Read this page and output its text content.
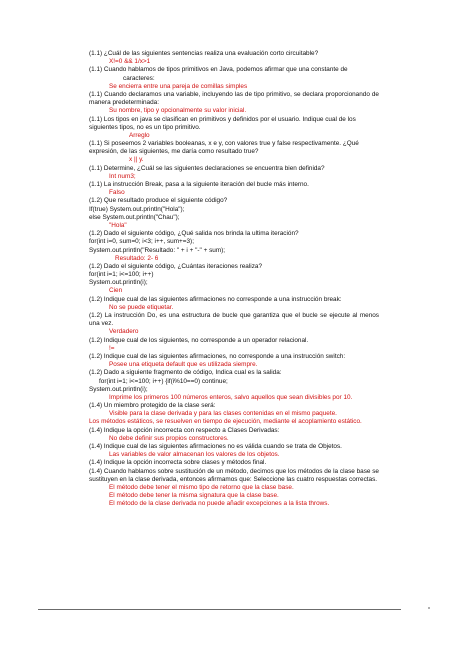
(1.1) ¿Cuál de las siguientes sentencias realiza una evaluación corto circuitable?
X!=0 && 1/x>1
(1.1) Cuando hablamos de tipos primitivos en Java, podemos afirmar que una constante de
caracteres:
Se encierra entre una pareja de comillas simples
(1.1) Cuando declaramos una variable, incluyendo las de tipo primitivo, se declara proporcionando de manera predeterminada:
Su nombre, tipo y opcionalmente su valor inicial.
(1.1) Los tipos en java se clasifican en primitivos y definidos por el usuario. Indique cual de los siguientes tipos, no es un tipo primitivo.
Arreglo
(1.1) Si poseemos 2 variables booleanas, x e y, con valores true y false respectivamente. ¿Qué expresión, de las siguientes, me daría como resultado true?
x || y.
(1.1) Determine, ¿Cuál se las siguientes declaraciones se encuentra bien definida?
Int num3;
(1.1) La instrucción Break, pasa a la siguiente iteración del bucle más interno.
Falso
(1.2) Que resultado produce el siguiente código?
If(true) System.out.println("Hola");
else System.out.println("Chau");
"Hola"
(1.2) Dado el siguiente código, ¿Qué salida nos brinda la ultima iteración?
for(int i=0, sum=0; i<3; i++, sum+=3);
System.out.println("Resultado: " + i + "-" + sum);
Resultado: 2- 6
(1.2) Dado el siguiente código, ¿Cuántas iteraciones realiza?
for(int i=1; i<=100; i++)
System.out.println(i);
Cien
(1.2) Indique cual de las siguientes afirmaciones no corresponde a una instrucción break:
No se puede etiquetar.
(1.2) La instrucción Do, es una estructura de bucle que garantiza que el bucle se ejecute al menos una vez.
Verdadero
(1.2) Indique cual de los siguientes, no corresponde a un operador relacional.
!=
(1.2) Indique cual de las siguientes afirmaciones, no corresponde a una instrucción switch:
Posee una etiqueta default que es utilizada siempre.
(1.2) Dado a siguiente fragmento de código, Indica cual es la salida:
for(int i=1; i<=100; i++) {if(i%10==0) continue;
System.out.println(i);
Imprime los primeros 100 números enteros, salvo aquellos que sean divisibles por 10.
(1.4) Un miembro protegido de la clase será:
Visible para la clase derivada y para las clases contenidas en el mismo paquete.
Los métodos estáticos, se resuelven en tiempo de ejecución, mediante el acoplamiento estático.
(1.4) Indique la opción incorrecta con respecto a Clases Derivadas:
No debe definir sus propios constructores.
(1.4) Indique cual de las siguientes afirmaciones no es válida cuando se trata de Objetos.
Las variables de valor almacenan los valores de los objetos.
(1.4) Indique la opción incorrecta sobre clases y métodos final.
(1.4) Cuando hablamos sobre sustitución de un método, decimos que los métodos de la clase base se sustituyen en la clase derivada, entonces afirmamos que: Seleccione las cuatro respuestas correctas.
El método debe tener el mismo tipo de retorno que la clase base.
El método debe tener la misma signatura que la clase base.
El método de la clase derivada no puede añadir excepciones a la lista throws.
